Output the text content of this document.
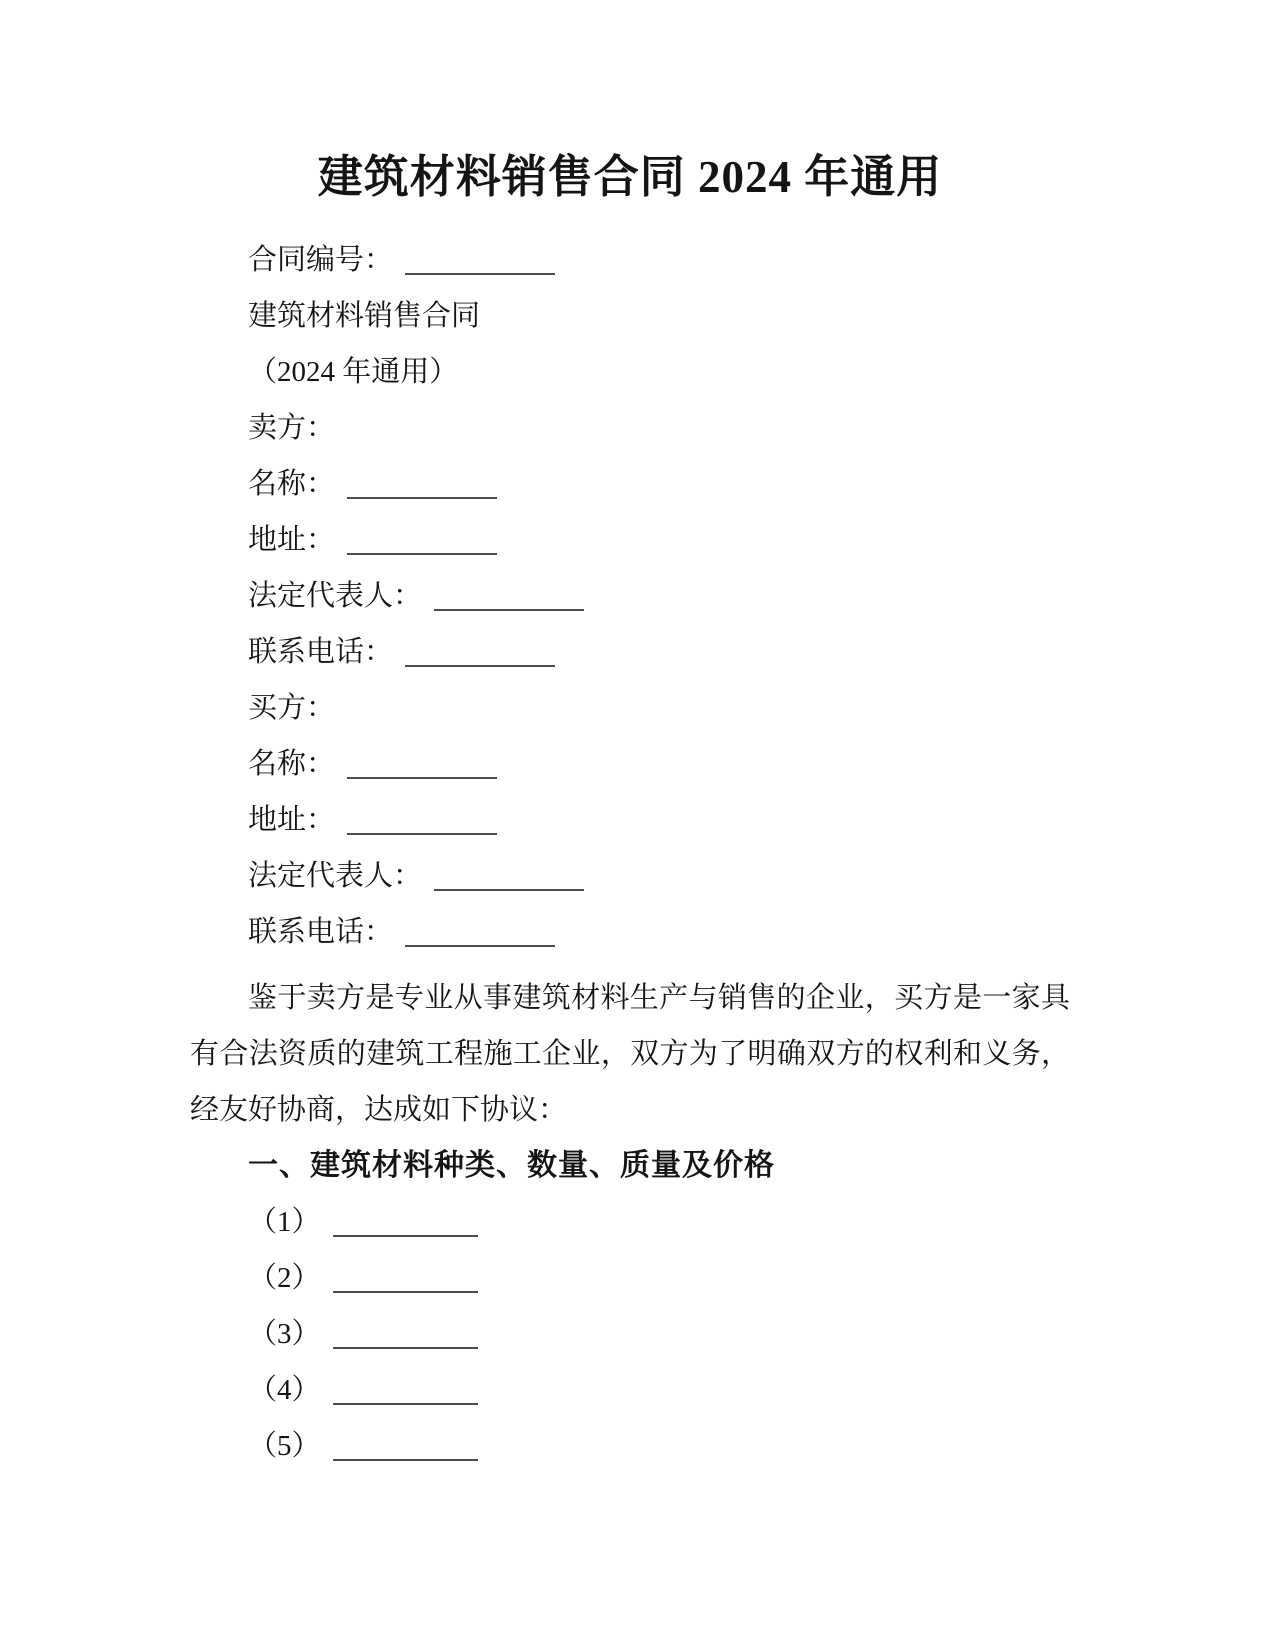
建筑材料销售合同 2024 年通用

合同编号：

建筑材料销售合同

（2024 年通用）

卖方：

名称：

地址：

法定代表人：

联系电话：

买方：

名称：

地址：

法定代表人：

联系电话：

鉴于卖方是专业从事建筑材料生产与销售的企业，买方是一家具有合法资质的建筑工程施工企业，双方为了明确双方的权利和义务，经友好协商，达成如下协议：

一、建筑材料种类、数量、质量及价格

（1）

（2）

（3）

（4）

（5）
